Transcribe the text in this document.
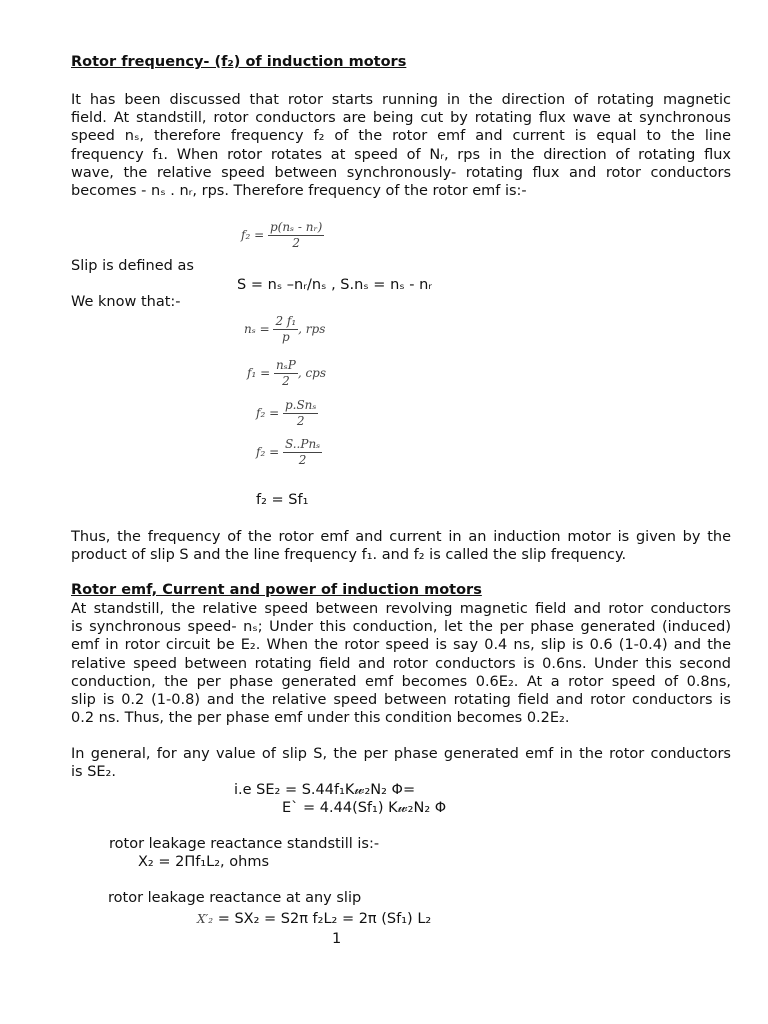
Rotor frequency- (f₂) of induction motors
It has been discussed that rotor starts running in the direction of rotating magnetic
field. At standstill, rotor conductors are being cut by rotating flux wave at synchronous
speed nₛ, therefore frequency f₂ of the rotor emf and current is equal to the line
frequency f₁. When rotor rotates at speed of Nᵣ, rps in the direction of rotating flux
wave, the relative speed between synchronously- rotating flux and rotor conductors
becomes - nₛ . nᵣ, rps. Therefore frequency of the rotor emf is:-
$f_2 = \frac{\text{p(nₛ - nᵣ)}}{2}$
Slip is defined as
S = nₛ –nᵣ/nₛ , S.nₛ = nₛ - nᵣ
We know that:-
$n_s = \frac{\text{2 f₁}}{p}$ , rps
$f_1 = \frac{\text{nₛP}}{2}$ , cps
$f_2 = \frac{\text{p.Snₛ}}{2}$
$f_2 = \frac{\text{S..Pnₛ}}{2}$
f₂ = Sf₁
Thus, the frequency of the rotor emf and current in an induction motor is given by the
product of slip S and the line frequency f₁. and f₂ is called the slip frequency.
Rotor emf, Current and power of induction motors
At standstill, the relative speed between revolving magnetic field and rotor conductors
is synchronous speed- nₛ; Under this conduction, let the per phase generated (induced)
emf in rotor circuit be E₂. When the rotor speed is say 0.4 ns, slip is 0.6 (1-0.4) and the
relative speed between rotating field and rotor conductors is 0.6ns. Under this second
conduction, the per phase generated emf becomes 0.6E₂. At a rotor speed of 0.8ns,
slip is 0.2 (1-0.8) and the relative speed between rotating field and rotor conductors is
0.2 ns. Thus, the per phase emf under this condition becomes 0.2E₂.
In general, for any value of slip S, the per phase generated emf in the rotor conductors
is SE₂.
i.e SE₂ = S.44f₁K𝓌₂N₂ Φ=
E` = 4.44(Sf₁) K𝓌₂N₂ Φ
rotor leakage reactance standstill is:-
X₂ = 2Πf₁L₂, ohms
rotor leakage reactance at any slip
X′₂ = SX₂ = S2π f₂L₂ = 2π (Sf₁) L₂
1
